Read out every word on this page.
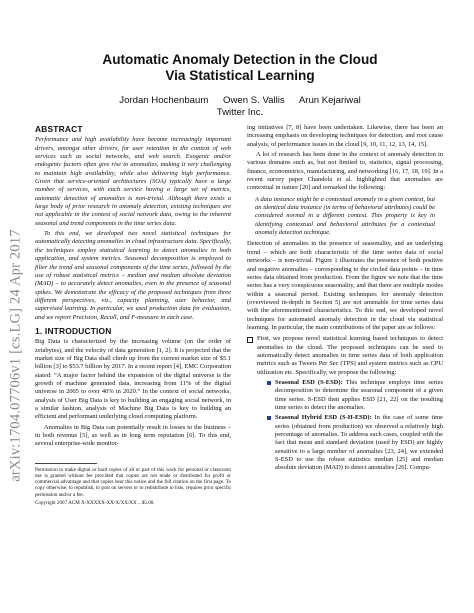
arXiv:1704.07706v1 [cs.LG] 24 Apr 2017
Automatic Anomaly Detection in the Cloud
Via Statistical Learning
Jordan Hochenbaum Owen S. Vallis Arun Kejariwal
Twitter Inc.
ABSTRACT

Performance and high availability have become increasingly important drivers, amongst other drivers, for user retention in the context of web services such as social networks, and web search. Exogenic and/or endogenic factors often give rise to anomalies, making it very challenging to maintain high availability, while also delivering high performance. Given that service-oriented architectures (SOA) typically have a large number of services, with each service having a large set of metrics, automatic detection of anomalies is non-trivial. Although there exists a large body of prior research in anomaly detection, existing techniques are not applicable in the context of social network data, owing to the inherent seasonal and trend components in the time series data.

To this end, we developed two novel statistical techniques for automatically detecting anomalies in cloud infrastructure data. Specifically, the techniques employ statistical learning to detect anomalies in both application, and system metrics. Seasonal decomposition is employed to filter the trend and seasonal components of the time series, followed by the use of robust statistical metrics – median and median absolute deviation (MAD) – to accurately detect anomalies, even in the presence of seasonal spikes. We demonstrate the efficacy of the proposed techniques from three different perspectives, viz., capacity planning, user behavior, and supervised learning. In particular, we used production data for evaluation, and we report Precision, Recall, and F-measure in each case.

1. INTRODUCTION

Big Data is characterized by the increasing volume (on the order of zetabytes), and the velocity of data generation [1, 2]. It is projected that the market size of Big Data shall climb up from the current market size of $5.1 billion [3] to $53.7 billion by 2017. In a recent report [4], EMC Corporation stated: “A major factor behind the expansion of the digital universe is the growth of machine generated data, increasing from 11% of the digital universe in 2005 to over 40% in 2020.” In the context of social networks, analysis of User Big Data is key to building an engaging social network, in a similar fashion, analysis of Machine Big Data is key to building an efficient and performant underlying cloud computing platform.

Anomalies in Big Data can potentially result in losses to the business – in both revenue [5], as well as in long term reputation [6]. To this end, several enterprise-wide monitor-

Permission to make digital or hard copies of all or part of this work for personal or classroom use is granted without fee provided that copies are not made or distributed for profit or commercial advantage and that copies bear this notice and the full citation on the first page. To copy otherwise, to republish, to post on servers or to redistribute to lists, requires prior specific permission and/or a fee.

Copyright 2007 ACM X-XXXXX-XX-X/XX/XX ...$5.00.

ing initiatives [7, 8] have been undertaken. Likewise, there has been an increasing emphasis on developing techniques for detection, and root cause analysis, of performance issues in the cloud [9, 10, 11, 12, 13, 14, 15].

A lot of research has been done in the context of anomaly detection in various domains such as, but not limited to, statistics, signal processing, finance, econometrics, manufacturing, and networking [16, 17, 18, 19]. In a recent survey paper Chandola et al. highlighted that anomalies are contextual in nature [20] and remarked the following:

A data instance might be a contextual anomaly in a given context, but an identical data instance (in terms of behavioral attributes) could be considered normal in a different context. This property is key in identifying contextual and behavioral attributes for a contextual anomaly detection technique.

Detection of anomalies in the presence of seasonality, and an underlying trend – which are both characteristic of the time series data of social networks – is non-trivial. Figure 1 illustrates the presence of both positive and negative anomalies – corresponding to the circled data points – in time series data obtained from production. From the figure we note that the time series has a very conspicuous seasonality, and that there are multiple modes within a seasonal period. Existing techniques for anomaly detection (overviewed in-depth in Section 5) are not amenable for time series data with the aforementioned characteristics. To this end, we developed novel techniques for automated anomaly detection in the cloud via statistical learning. In particular, the main contributions of the paper are as follows:

First, we propose novel statistical learning based techniques to detect anomalies in the cloud. The proposed techniques can be used to automatically detect anomalies in time series data of both application metrics such as Tweets Per Sec (TPS) and system metrics such as CPU utilization etc. Specifically, we propose the following:
Seasonal ESD (S-ESD): This technique employs time series decomposition to determine the seasonal component of a given time series. S-ESD then applies ESD [21, 22] on the resulting time series to detect the anomalies.
Seasonal Hybrid ESD (S-H-ESD): In the case of some time series (obtained from production) we observed a relatively high percentage of anomalies. To address such cases, coupled with the fact that mean and standard deviation (used by ESD) are highly sensitive to a large number of anomalies [23, 24], we extended S-ESD to use the robust statistics median [25] and median absolute deviation (MAD) to detect anomalies [26]. Compu-
